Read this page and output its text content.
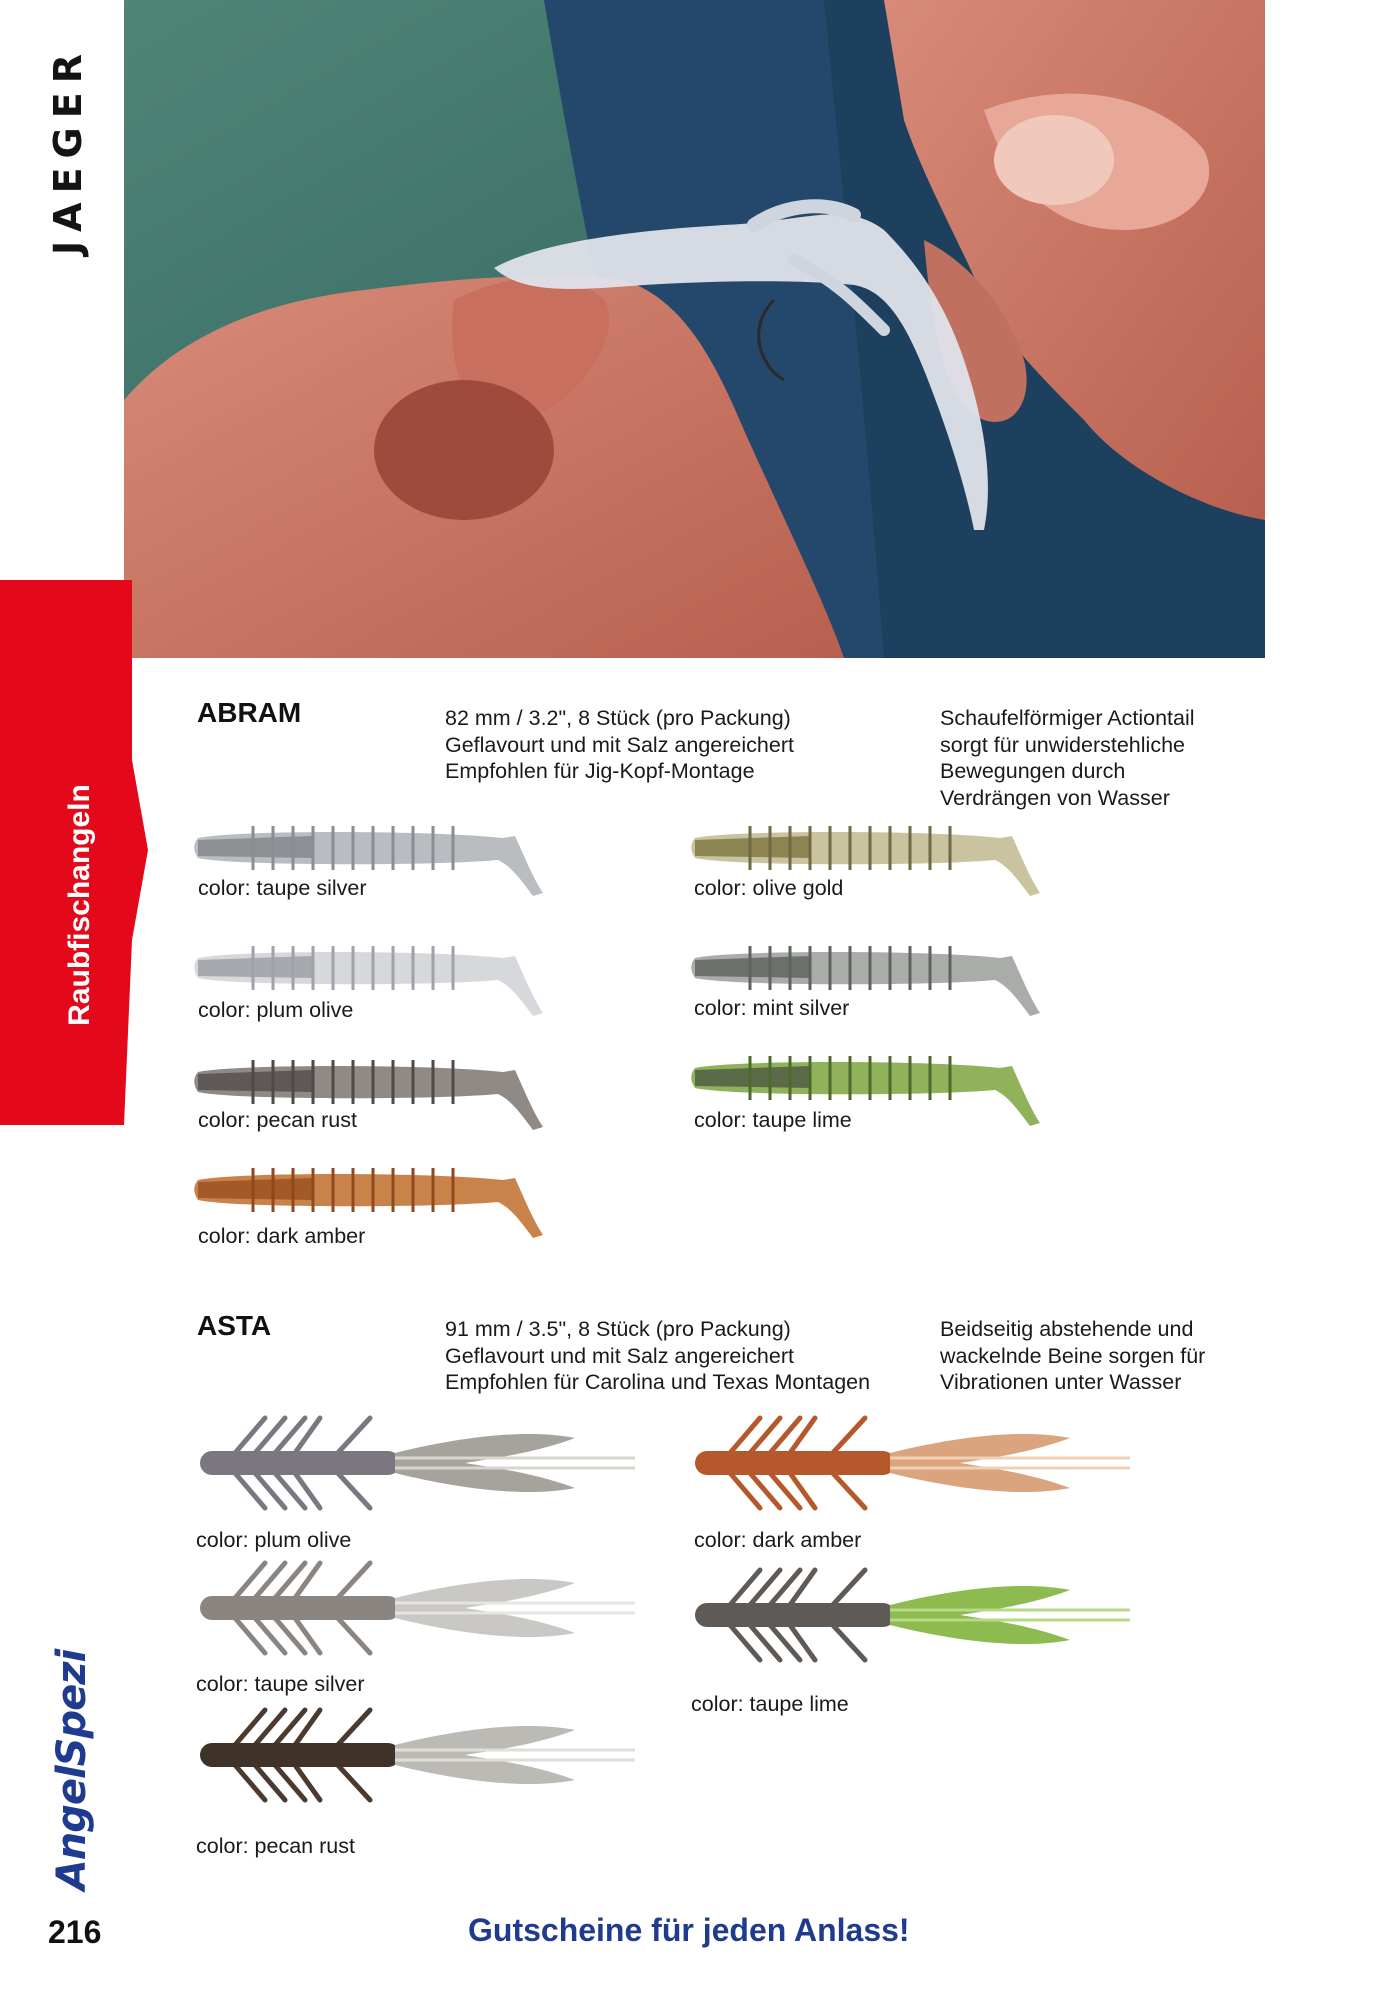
JAEGER
Raubfischangeln
ABRAM	82 mm / 3.2", 8 Stück (pro Packung)
Geflavourt und mit Salz angereichert
Empfohlen für Jig-Kopf-Montage
Schaufelförmiger Actiontail
sorgt für unwiderstehliche
Bewegungen durch
Verdrängen von Wasser
color: taupe silver	color: olive gold
color: plum olive	color: mint silver
color: pecan rust	color: taupe lime
color: dark amber
ASTA	91 mm / 3.5", 8 Stück (pro Packung)
Geflavourt und mit Salz angereichert
Empfohlen für Carolina und Texas Montagen
Beidseitig abstehende und
wackelnde Beine sorgen für
Vibrationen unter Wasser
color: plum olive	color: dark amber
color: taupe silver
color: taupe lime
color: pecan rust
AngelSpezi
216	Gutscheine für jeden Anlass!
